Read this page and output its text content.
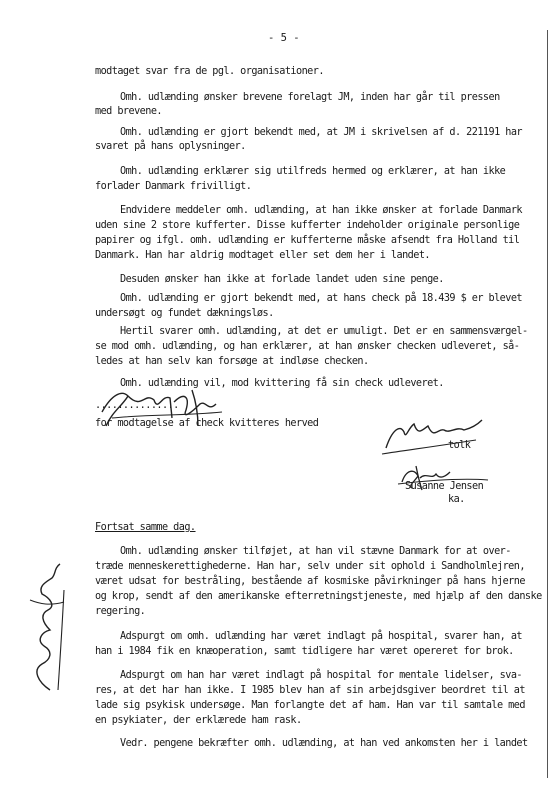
- 5 -
modtaget svar fra de pgl. organisationer.
Omh. udlænding ønsker brevene forelagt JM, inden har går til pressen
med brevene.
Omh. udlænding er gjort bekendt med, at JM i skrivelsen af d. 221191 har
svaret på hans oplysninger.
Omh. udlænding erklærer sig utilfreds hermed og erklærer, at han ikke
forlader Danmark frivilligt.
Endvidere meddeler omh. udlænding, at han ikke ønsker at forlade Danmark
uden sine 2 store kufferter. Disse kufferter indeholder originale personlige
papirer og ifgl. omh. udlænding er kufferterne måske afsendt fra Holland til
Danmark. Han har aldrig modtaget eller set dem her i landet.
Desuden ønsker han ikke at forlade landet uden sine penge.
Omh. udlænding er gjort bekendt med, at hans check på 18.439 $ er blevet
undersøgt og fundet dækningsløs.
Hertil svarer omh. udlænding, at det er umuligt. Det er en sammensværgel-
se mod omh. udlænding, og han erklærer, at han ønsker checken udleveret, så-
ledes at han selv kan forsøge at indløse checken.
Omh. udlænding vil, mod kvittering få sin check udleveret.
...............
for modtagelse af check kvitteres herved
tolk
Susanne Jensen
ka.
Fortsat samme dag.
Omh. udlænding ønsker tilføjet, at han vil stævne Danmark for at over-
træde menneskerettighederne. Han har, selv under sit ophold i Sandholmlejren,
været udsat for bestråling, bestående af kosmiske påvirkninger på hans hjerne
og krop, sendt af den amerikanske efterretningstjeneste, med hjælp af den danske
regering.
Adspurgt om omh. udlænding har været indlagt på hospital, svarer han, at
han i 1984 fik en knæoperation, samt tidligere har været opereret for brok.
Adspurgt om han har været indlagt på hospital for mentale lidelser, sva-
res, at det har han ikke. I 1985 blev han af sin arbejdsgiver beordret til at
lade sig psykisk undersøge. Man forlangte det af ham. Han var til samtale med
en psykiater, der erklærede ham rask.
Vedr. pengene bekræfter omh. udlænding, at han ved ankomsten her i landet
